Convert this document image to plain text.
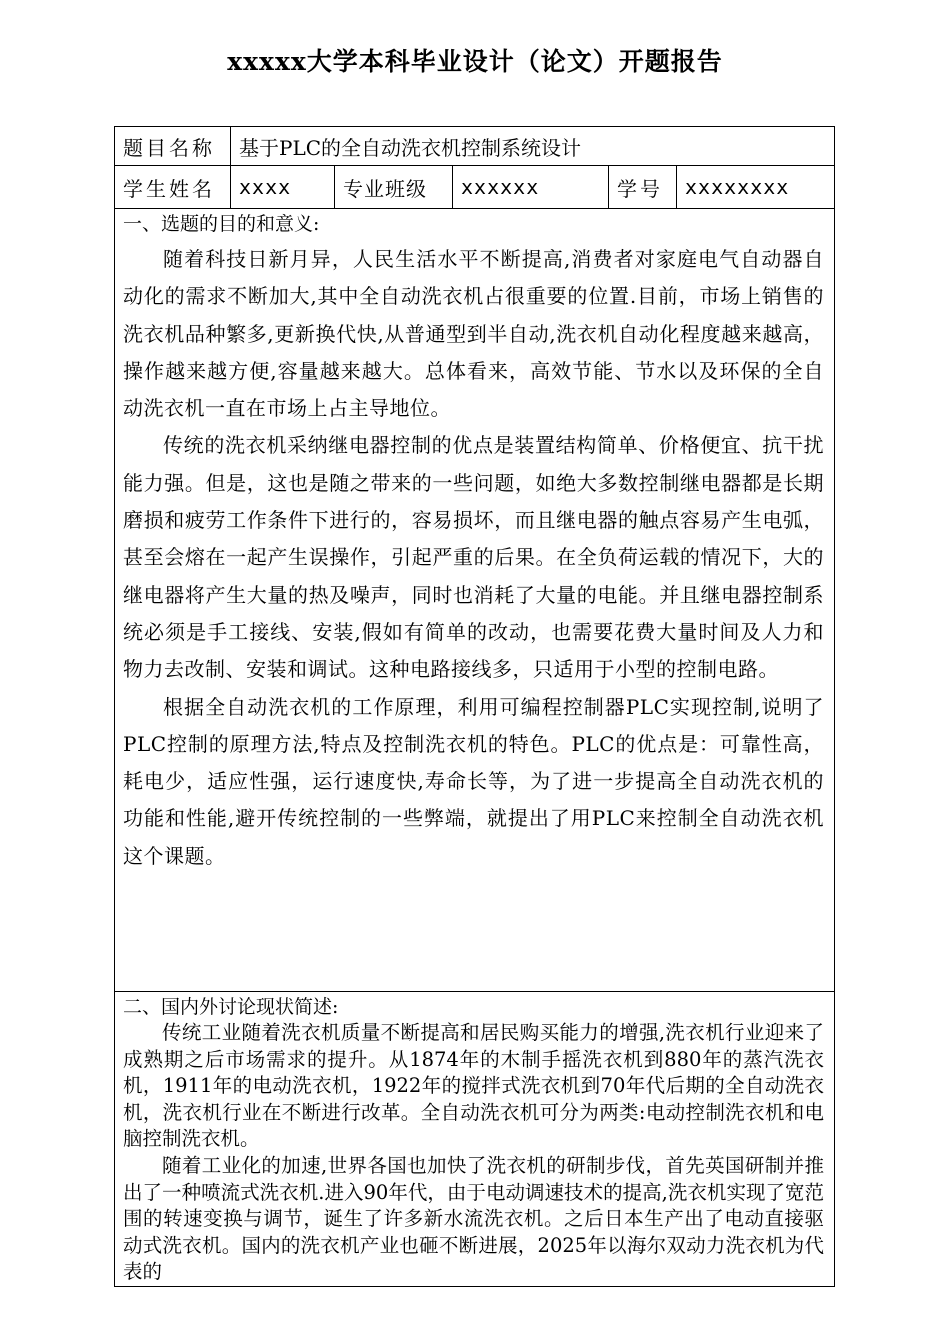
xxxxx大学本科毕业设计（论文）开题报告
题目名称	基于PLC的全自动洗衣机控制系统设计				
学生姓名	xxxx	专业班级	xxxxxx	学号	xxxxxxxx

一、选题的目的和意义:

随着科技日新月异，人民生活水平不断提高,消费者对家庭电气自动器自动化的需求不断加大,其中全自动洗衣机占很重要的位置.目前，市场上销售的洗衣机品种繁多,更新换代快,从普通型到半自动,洗衣机自动化程度越来越高，操作越来越方便,容量越来越大。总体看来，高效节能、节水以及环保的全自动洗衣机一直在市场上占主导地位。

传统的洗衣机采纳继电器控制的优点是装置结构简单、价格便宜、抗干扰能力强。但是，这也是随之带来的一些问题，如绝大多数控制继电器都是长期磨损和疲劳工作条件下进行的，容易损坏，而且继电器的触点容易产生电弧，甚至会熔在一起产生误操作，引起严重的后果。在全负荷运载的情况下，大的继电器将产生大量的热及噪声，同时也消耗了大量的电能。并且继电器控制系统必须是手工接线、安装,假如有简单的改动，也需要花费大量时间及人力和物力去改制、安装和调试。这种电路接线多，只适用于小型的控制电路。

根据全自动洗衣机的工作原理，利用可编程控制器PLC实现控制,说明了PLC控制的原理方法,特点及控制洗衣机的特色。PLC的优点是：可靠性高，耗电少，适应性强，运行速度快,寿命长等，为了进一步提高全自动洗衣机的功能和性能,避开传统控制的一些弊端，就提出了用PLC来控制全自动洗衣机这个课题。					

二、国内外讨论现状简述:

传统工业随着洗衣机质量不断提高和居民购买能力的增强,洗衣机行业迎来了成熟期之后市场需求的提升。从1874年的木制手摇洗衣机到880年的蒸汽洗衣机，1911年的电动洗衣机，1922年的搅拌式洗衣机到70年代后期的全自动洗衣机，洗衣机行业在不断进行改革。全自动洗衣机可分为两类:电动控制洗衣机和电脑控制洗衣机。

随着工业化的加速,世界各国也加快了洗衣机的研制步伐，首先英国研制并推出了一种喷流式洗衣机.进入90年代，由于电动调速技术的提高,洗衣机实现了宽范围的转速变换与调节，诞生了许多新水流洗衣机。之后日本生产出了电动直接驱动式洗衣机。国内的洗衣机产业也砸不断进展，2025年以海尔双动力洗衣机为代表的					
